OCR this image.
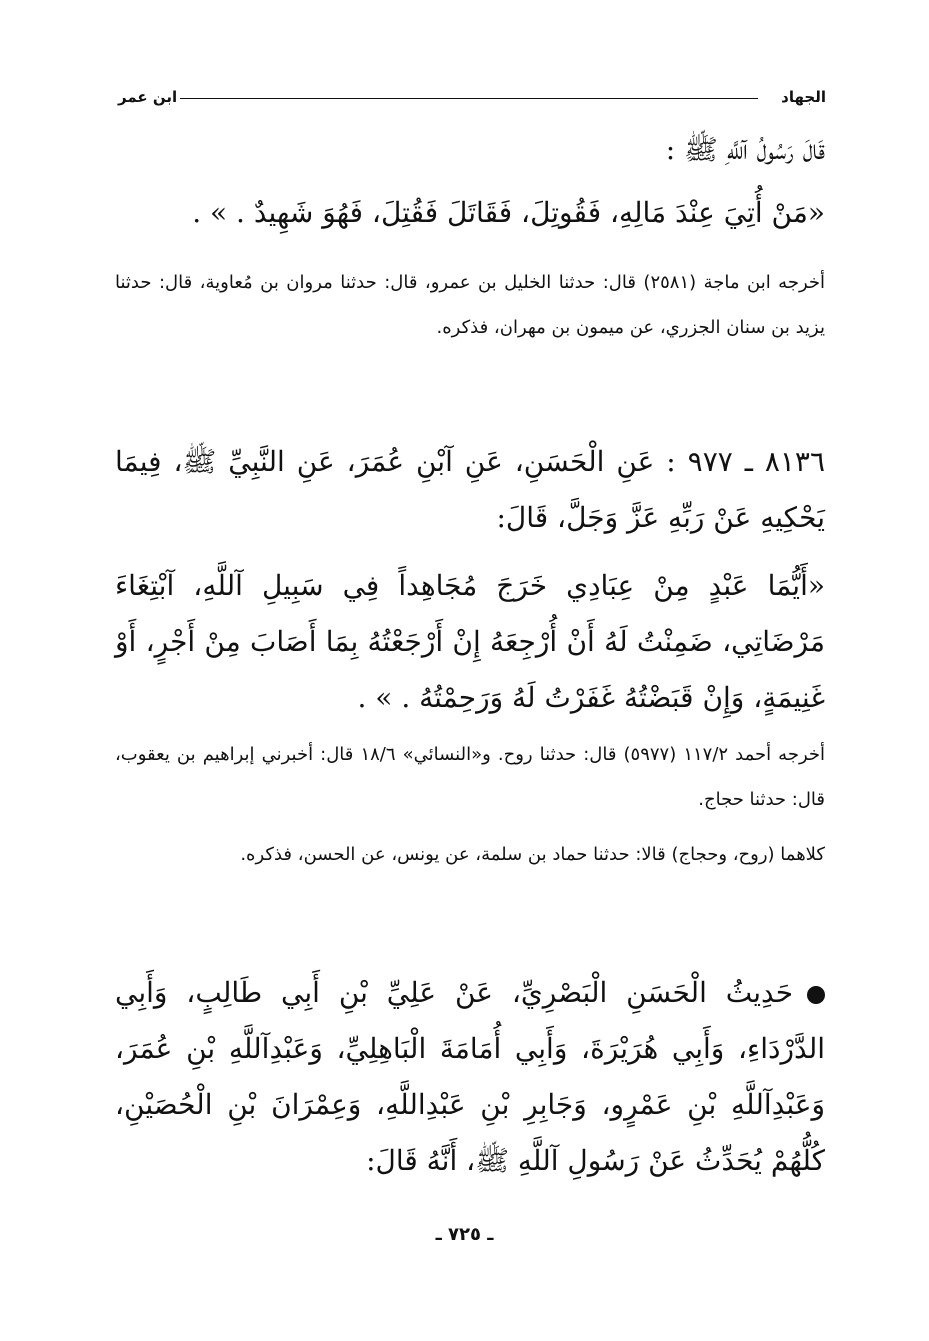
الجهاد
ابن عمر
قَالَ رَسُولُ آللَّهِ ﷺ :
«مَنْ أُتِيَ عِنْدَ مَالِهِ، فَقُوتِلَ، فَقَاتَلَ فَقُتِلَ، فَهُوَ شَهِيدٌ . » .
أخرجه ابن ماجة (٢٥٨١) قال: حدثنا الخليل بن عمرو، قال: حدثنا مروان بن مُعاوية، قال: حدثنا يزيد بن سنان الجزري، عن ميمون بن مهران، فذكره.
٨١٣٦ ـ ٩٧٧ : عَنِ الْحَسَنِ، عَنِ آبْنِ عُمَرَ، عَنِ النَّبِيِّ ﷺ، فِيمَا يَحْكِيهِ عَنْ رَبِّهِ عَزَّ وَجَلَّ، قَالَ:
«أَيُّمَا عَبْدٍ مِنْ عِبَادِي خَرَجَ مُجَاهِداً فِي سَبِيلِ آللَّهِ، آبْتِغَاءَ مَرْضَاتِي، ضَمِنْتُ لَهُ أَنْ أُرْجِعَهُ إِنْ أَرْجَعْتُهُ بِمَا أَصَابَ مِنْ أَجْرٍ، أَوْ غَنِيمَةٍ، وَإِنْ قَبَضْتُهُ غَفَرْتُ لَهُ وَرَحِمْتُهُ . » .
أخرجه أحمد ١١٧/٢ (٥٩٧٧) قال: حدثنا روح. و«النسائي» ١٨/٦ قال: أخبرني إبراهيم بن يعقوب، قال: حدثنا حجاج.
كلاهما (روح، وحجاج) قالا: حدثنا حماد بن سلمة، عن يونس، عن الحسن، فذكره.
حَدِيثُ الْحَسَنِ الْبَصْرِيِّ، عَنْ عَلِيِّ بْنِ أَبِي طَالِبٍ، وَأَبِي الدَّرْدَاءِ، وَأَبِي هُرَيْرَةَ، وَأَبِي أُمَامَةَ الْبَاهِلِيِّ، وَعَبْدِآللَّهِ بْنِ عُمَرَ، وَعَبْدِآللَّهِ بْنِ عَمْرٍو، وَجَابِرِ بْنِ عَبْدِاللَّهِ، وَعِمْرَانَ بْنِ الْحُصَيْنِ، كُلُّهُمْ يُحَدِّثُ عَنْ رَسُولِ آللَّهِ ﷺ، أَنَّهُ قَالَ:
ـ ٧٢٥ ـ
